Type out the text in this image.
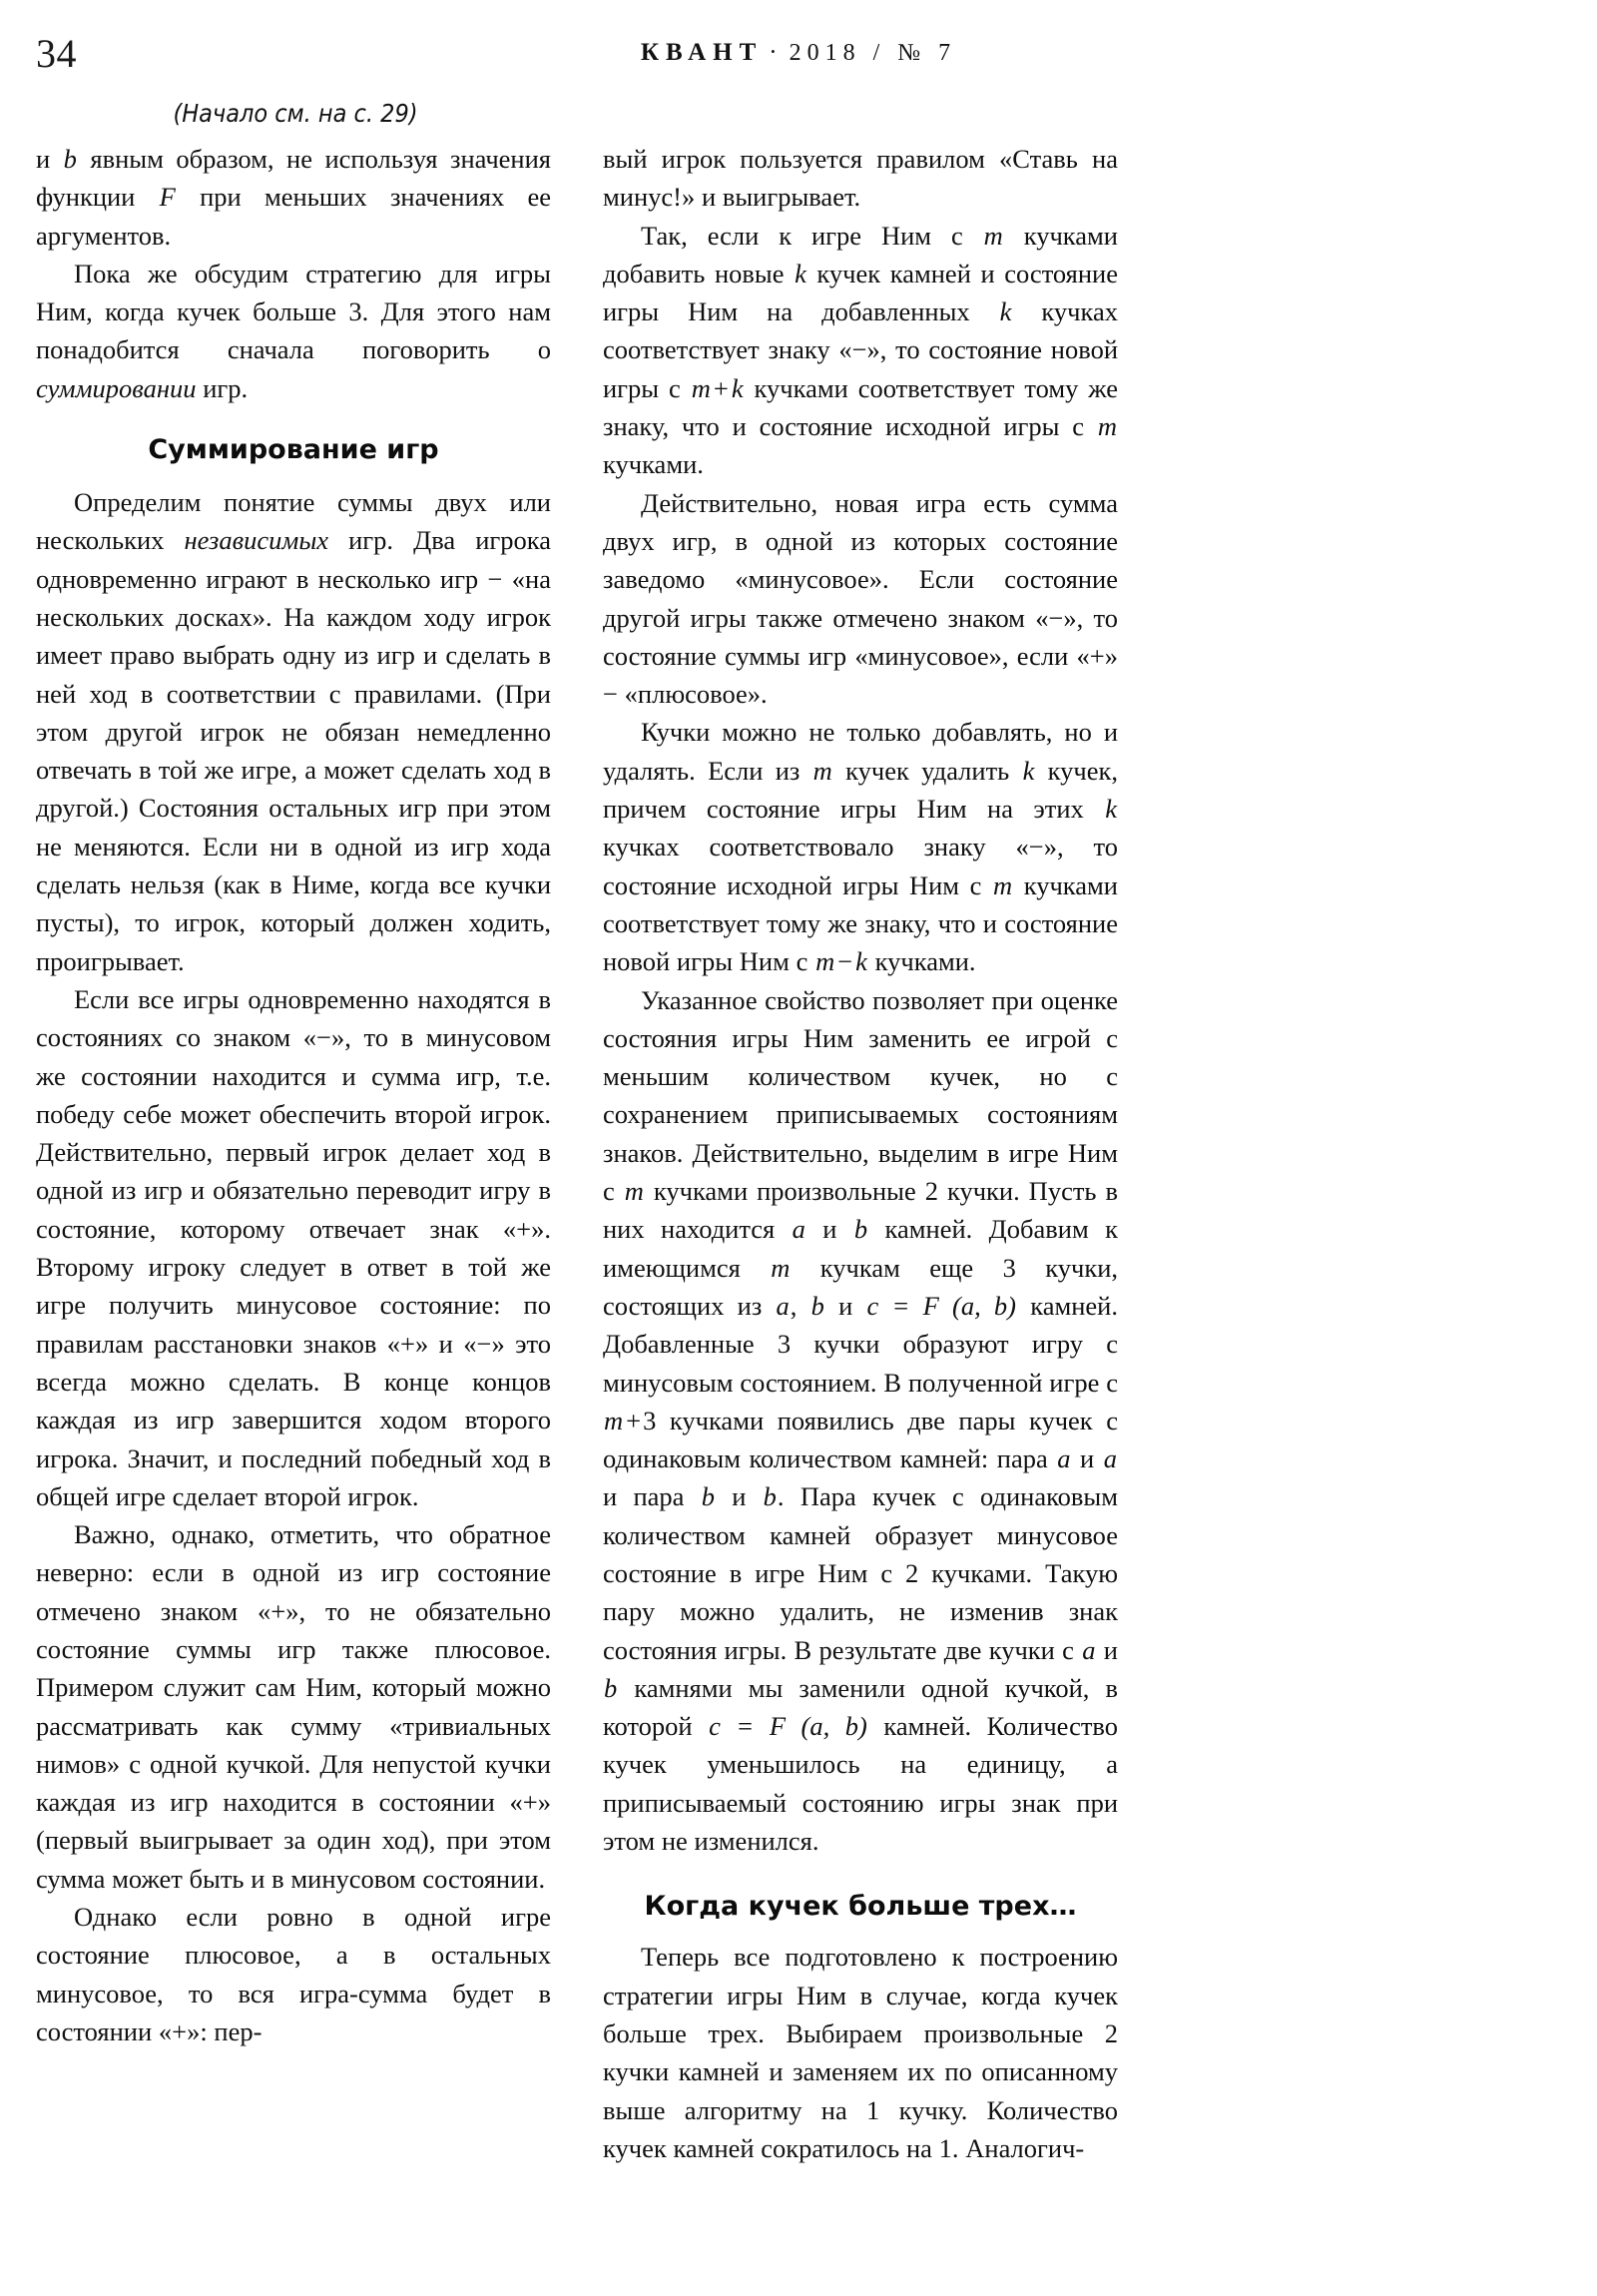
34	КВАНТ · 2018 / № 7
(Начало см. на с. 29)

и b явным образом, не используя значения функции F при меньших значениях ее аргументов.

Пока же обсудим стратегию для игры Ним, когда кучек больше 3. Для этого нам понадобится сначала поговорить о суммировании игр.

Суммирование игр

Определим понятие суммы двух или нескольких независимых игр. Два игрока одновременно играют в несколько игр − «на нескольких досках». На каждом ходу игрок имеет право выбрать одну из игр и сделать в ней ход в соответствии с правилами. (При этом другой игрок не обязан немедленно отвечать в той же игре, а может сделать ход в другой.) Состояния остальных игр при этом не меняются. Если ни в одной из игр хода сделать нельзя (как в Ниме, когда все кучки пусты), то игрок, который должен ходить, проигрывает.

Если все игры одновременно находятся в состояниях со знаком «−», то в минусовом же состоянии находится и сумма игр, т.е. победу себе может обеспечить второй игрок. Действительно, первый игрок делает ход в одной из игр и обязательно переводит игру в состояние, которому отвечает знак «+». Второму игроку следует в ответ в той же игре получить минусовое состояние: по правилам расстановки знаков «+» и «−» это всегда можно сделать. В конце концов каждая из игр завершится ходом второго игрока. Значит, и последний победный ход в общей игре сделает второй игрок.

Важно, однако, отметить, что обратное неверно: если в одной из игр состояние отмечено знаком «+», то не обязательно состояние суммы игр также плюсовое. Примером служит сам Ним, который можно рассматривать как сумму «тривиальных нимов» с одной кучкой. Для непустой кучки каждая из игр находится в состоянии «+» (первый выигрывает за один ход), при этом сумма может быть и в минусовом состоянии.

Однако если ровно в одной игре состояние плюсовое, а в остальных минусовое, то вся игра-сумма будет в состоянии «+»: пер-

вый игрок пользуется правилом «Ставь на минус!» и выигрывает.

Так, если к игре Ним с m кучками добавить новые k кучек камней и состояние игры Ним на добавленных k кучках соответствует знаку «−», то состояние новой игры с m + k кучками соответствует тому же знаку, что и состояние исходной игры с m кучками.

Действительно, новая игра есть сумма двух игр, в одной из которых состояние заведомо «минусовое». Если состояние другой игры также отмечено знаком «−», то состояние суммы игр «минусовое», если «+» − «плюсовое».

Кучки можно не только добавлять, но и удалять. Если из m кучек удалить k кучек, причем состояние игры Ним на этих k кучках соответствовало знаку «−», то состояние исходной игры Ним с m кучками соответствует тому же знаку, что и состояние новой игры Ним с m − k кучками.

Указанное свойство позволяет при оценке состояния игры Ним заменить ее игрой с меньшим количеством кучек, но с сохранением приписываемых состояниям знаков. Действительно, выделим в игре Ним с m кучками произвольные 2 кучки. Пусть в них находится a и b камней. Добавим к имеющимся m кучкам еще 3 кучки, состоящих из a, b и c = F (a, b) камней. Добавленные 3 кучки образуют игру с минусовым состоянием. В полученной игре с m +3 кучками появились две пары кучек с одинаковым количеством камней: пара a и a и пара b и b. Пара кучек с одинаковым количеством камней образует минусовое состояние в игре Ним с 2 кучками. Такую пару можно удалить, не изменив знак состояния игры. В результате две кучки с a и b камнями мы заменили одной кучкой, в которой c = F (a, b) камней. Количество кучек уменьшилось на единицу, а приписываемый состоянию игры знак при этом не изменился.

Когда кучек больше трех…

Теперь все подготовлено к построению стратегии игры Ним в случае, когда кучек больше трех. Выбираем произвольные 2 кучки камней и заменяем их по описанному выше алгоритму на 1 кучку. Количество кучек камней сократилось на 1. Аналогич-
